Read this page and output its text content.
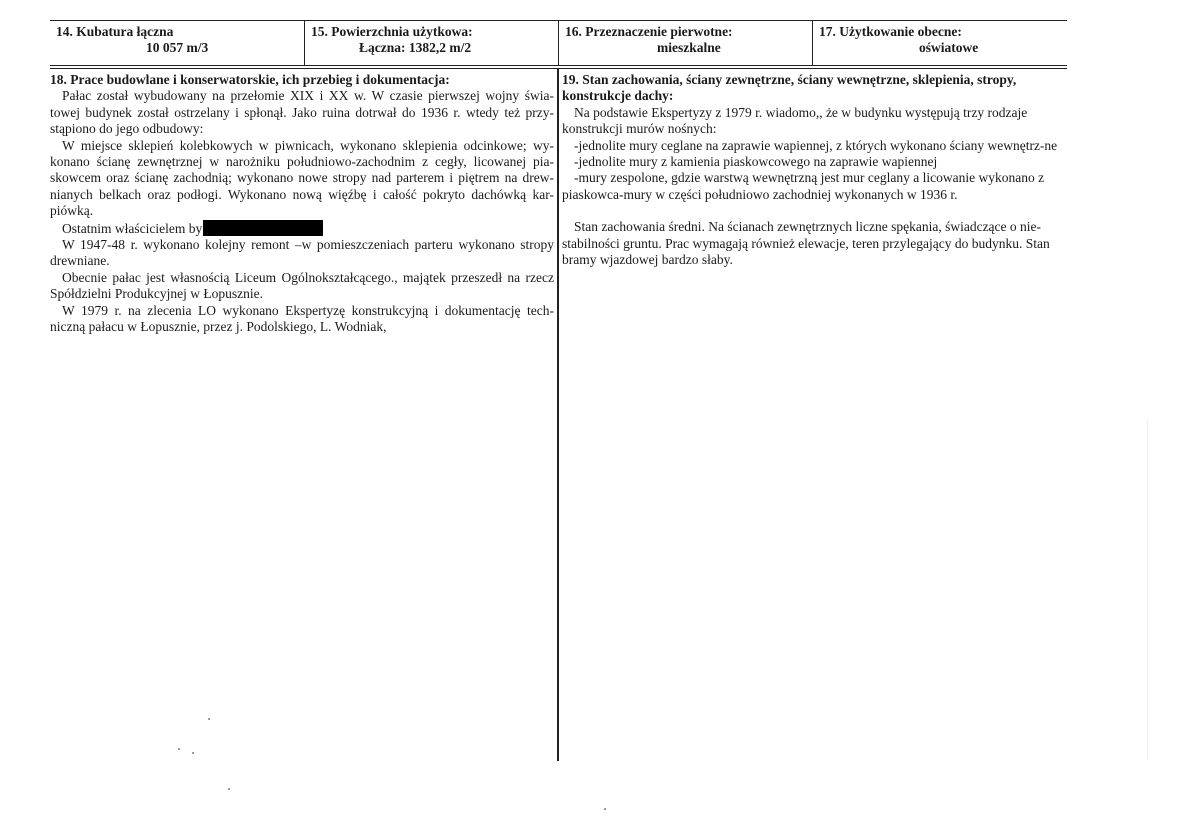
14. Kubatura łączna
10 057 m/3
15. Powierzchnia użytkowa:
Łączna: 1382,2 m/2
16. Przeznaczenie pierwotne:
mieszkalne
17. Użytkowanie obecne:
oświatowe

18. Prace budowlane i konserwatorskie, ich przebieg i dokumentacja:

Pałac został wybudowany na przełomie XIX i XX w. W czasie pierwszej wojny świa-towej budynek został ostrzelany i spłonął. Jako ruina dotrwał do 1936 r. wtedy też przy-stąpiono do jego odbudowy:

W miejsce sklepień kolebkowych w piwnicach, wykonano sklepienia odcinkowe; wy-konano ścianę zewnętrznej w narożniku południowo-zachodnim z cegły, licowanej pia-skowcem oraz ścianę zachodnią; wykonano nowe stropy nad parterem i piętrem na drew-nianych belkach oraz podłogi. Wykonano nową więźbę i całość pokryto dachówką kar-piówką.

Ostatnim właścicielem by

W 1947-48 r. wykonano kolejny remont –w pomieszczeniach parteru wykonano stropy drewniane.

Obecnie pałac jest własnością Liceum Ogólnokształcącego., majątek przeszedł na rzecz Spółdzielni Produkcyjnej w Łopusznie.

W 1979 r. na zlecenia LO wykonano Ekspertyzę konstrukcyjną i dokumentację tech-niczną pałacu w Łopusznie, przez j. Podolskiego, L. Wodniak,

19. Stan zachowania, ściany zewnętrzne, ściany wewnętrzne, sklepienia, stropy, konstrukcje dachy:

Na podstawie Ekspertyzy z 1979 r. wiadomo,, że w budynku występują trzy rodzaje konstrukcji murów nośnych:

-jednolite mury ceglane na zaprawie wapiennej, z których wykonano ściany wewnętrz-ne

-jednolite mury z kamienia piaskowcowego na zaprawie wapiennej

-mury zespolone, gdzie warstwą wewnętrzną jest mur ceglany a licowanie wykonano z piaskowca-mury w części południowo zachodniej wykonanych w 1936 r.

Stan zachowania średni. Na ścianach zewnętrznych liczne spękania, świadczące o nie-stabilności gruntu. Prac wymagają również elewacje, teren przylegający do budynku. Stan bramy wjazdowej bardzo słaby.
